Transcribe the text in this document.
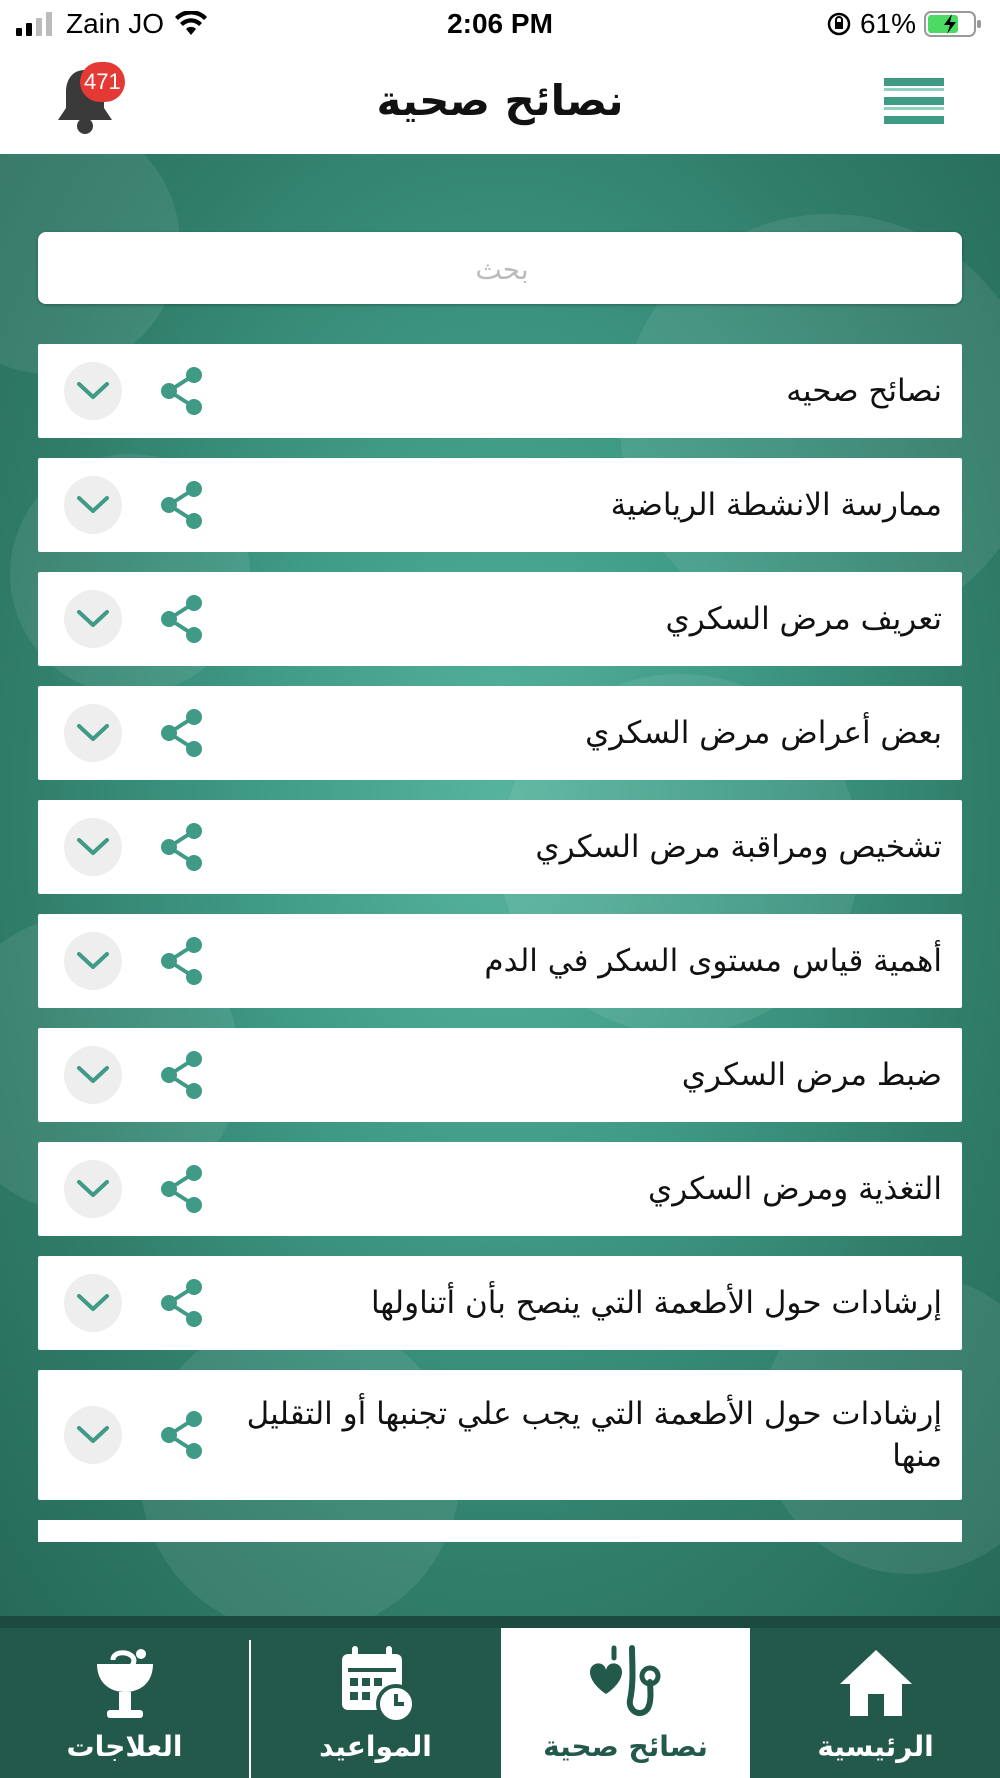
Zain JO	2:06 PM	61%
471	نصائح صحية
بحث
نصائح صحيه
ممارسة الانشطة الرياضية
تعريف مرض السكري
بعض أعراض مرض السكري
تشخيص ومراقبة مرض السكري
أهمية قياس مستوى السكر في الدم
ضبط مرض السكري
التغذية ومرض السكري
إرشادات حول الأطعمة التي ينصح بأن أتناولها
إرشادات حول الأطعمة التي يجب علي تجنبها أو التقليل منها
العلاجات	المواعيد	نصائح صحية	الرئيسية
